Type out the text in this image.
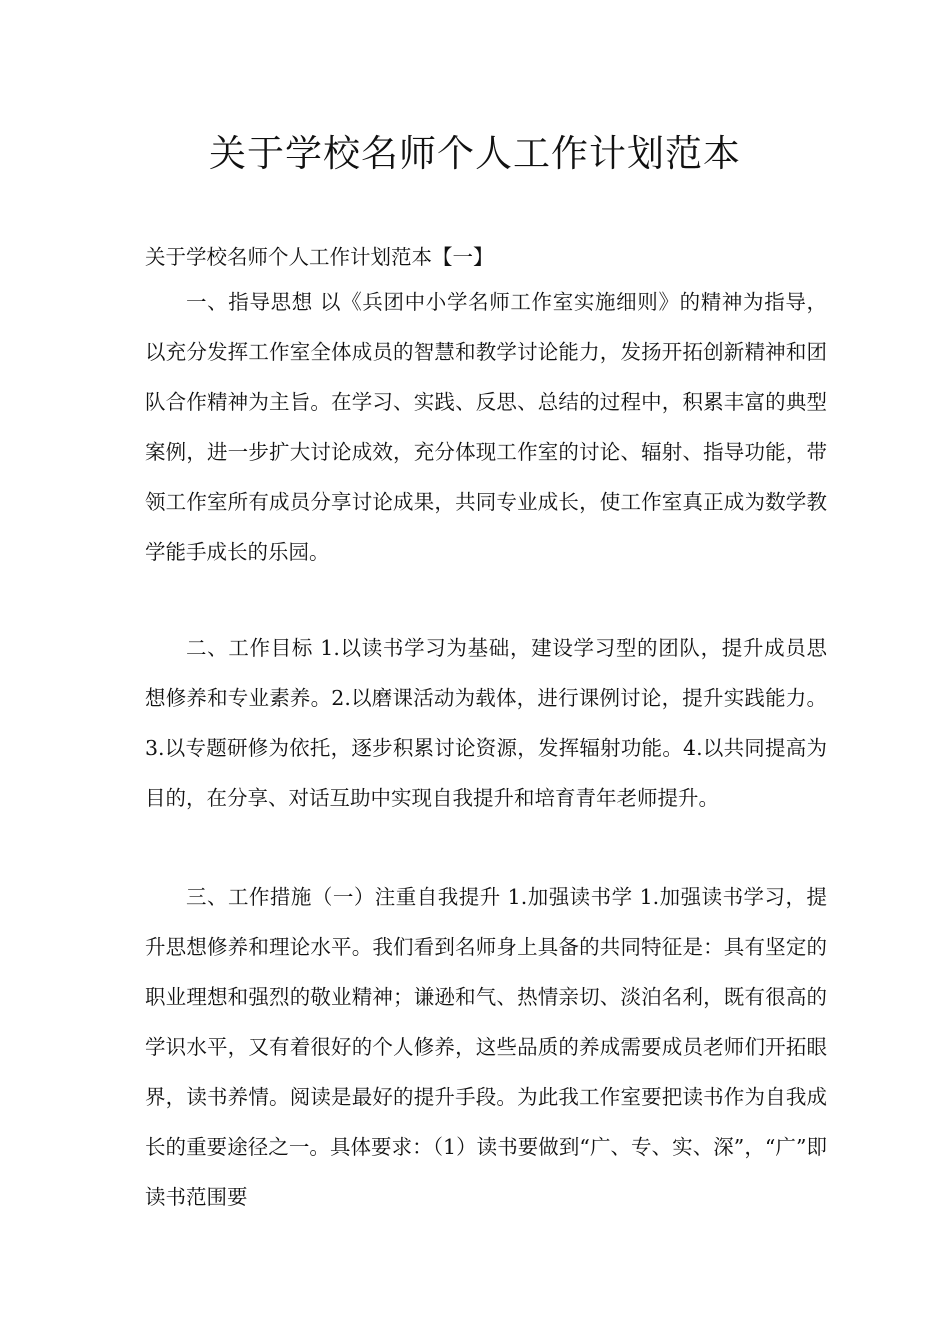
关于学校名师个人工作计划范本

关于学校名师个人工作计划范本【一】

一、指导思想 以《兵团中小学名师工作室实施细则》的精神为指导，以充分发挥工作室全体成员的智慧和教学讨论能力，发扬开拓创新精神和团队合作精神为主旨。在学习、实践、反思、总结的过程中，积累丰富的典型案例，进一步扩大讨论成效，充分体现工作室的讨论、辐射、指导功能，带领工作室所有成员分享讨论成果，共同专业成长，使工作室真正成为数学教学能手成长的乐园。

二、工作目标 1.以读书学习为基础，建设学习型的团队，提升成员思想修养和专业素养。2.以磨课活动为载体，进行课例讨论，提升实践能力。3.以专题研修为依托，逐步积累讨论资源，发挥辐射功能。4.以共同提高为目的，在分享、对话互助中实现自我提升和培育青年老师提升。

三、工作措施（一）注重自我提升 1.加强读书学 1.加强读书学习，提升思想修养和理论水平。我们看到名师身上具备的共同特征是：具有坚定的职业理想和强烈的敬业精神；谦逊和气、热情亲切、淡泊名利，既有很高的学识水平，又有着很好的个人修养，这些品质的养成需要成员老师们开拓眼界，读书养情。阅读是最好的提升手段。为此我工作室要把读书作为自我成长的重要途径之一。具体要求：（1）读书要做到“广、专、实、深”，“广”即读书范围要
